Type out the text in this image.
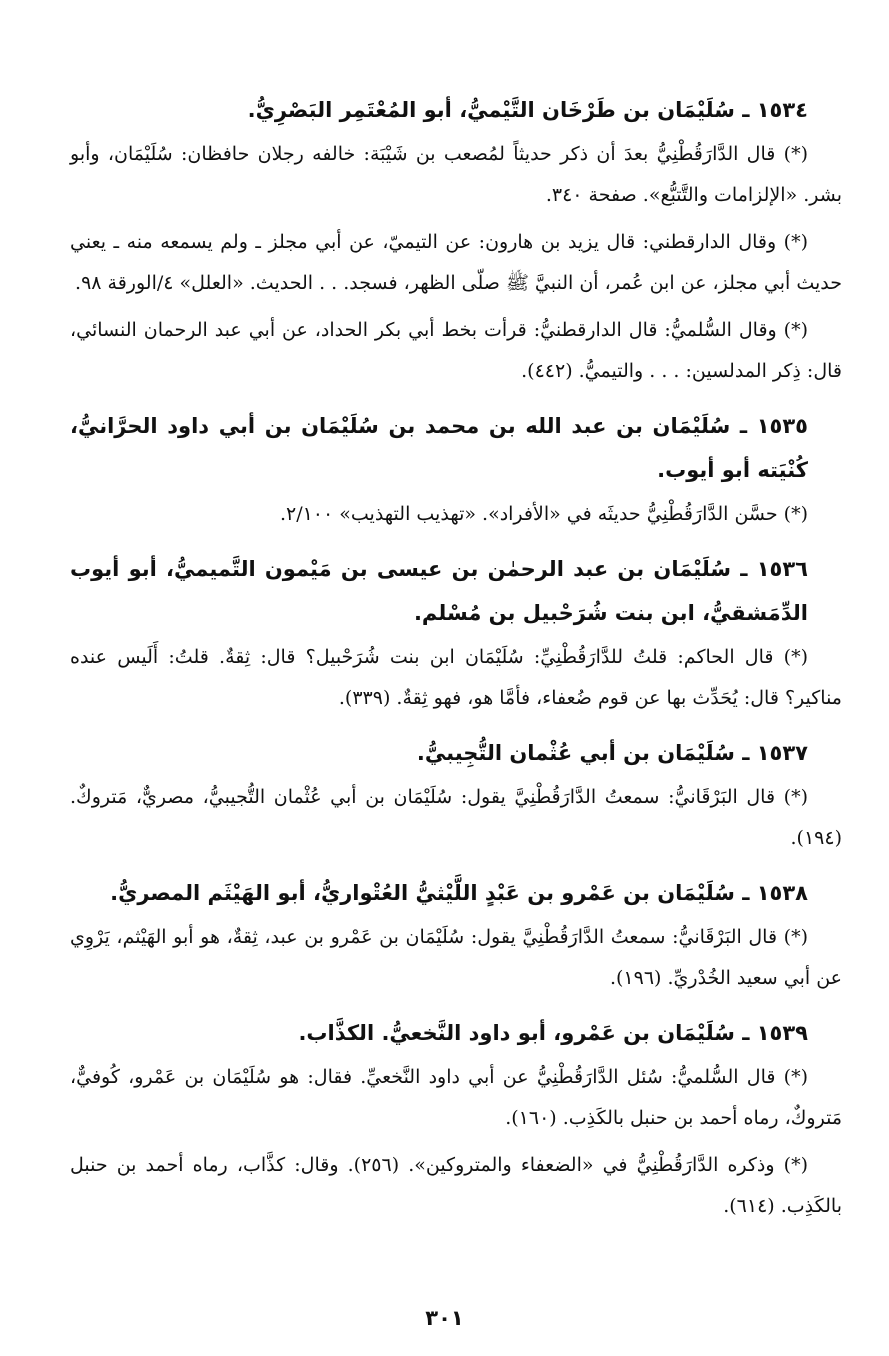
١٥٣٤ ـ سُلَيْمَان بن طَرْخَان التَّيْميُّ، أبو المُعْتَمِر البَصْرِيُّ.

(*) قال الدَّارَقُطْنِيُّ بعدَ أن ذكر حديثاً لمُصعب بن شَيْبَة: خالفه رجلان حافظان: سُلَيْمَان، وأبو بشر. «الإلزامات والتَّتبُّع». صفحة ٣٤٠.

(*) وقال الدارقطني: قال يزيد بن هارون: عن التيميّ، عن أبي مجلز ـ ولم يسمعه منه ـ يعني حديث أبي مجلز، عن ابن عُمر، أن النبيَّ ﷺ صلّى الظهر، فسجد. . . الحديث. «العلل» ٤/الورقة ٩٨.

(*) وقال السُّلميُّ: قال الدارقطنيُّ: قرأت بخط أبي بكر الحداد، عن أبي عبد الرحمان النسائي، قال: ذِكر المدلسين: . . . والتيميُّ. (٤٤٢).

١٥٣٥ ـ سُلَيْمَان بن عبد الله بن محمد بن سُلَيْمَان بن أبي داود الحرَّانيُّ، كُنْيَته أبو أيوب.

(*) حسَّن الدَّارَقُطْنِيُّ حديثَه في «الأفراد». «تهذيب التهذيب» ٢/١٠٠.

١٥٣٦ ـ سُلَيْمَان بن عبد الرحمٰن بن عيسى بن مَيْمون التَّميميُّ، أبو أيوب الدِّمَشقيُّ، ابن بنت شُرَحْبيل بن مُسْلم.

(*) قال الحاكم: قلتُ للدَّارَقُطْنِيِّ: سُلَيْمَان ابن بنت شُرَحْبيل؟ قال: ثِقةٌ. قلتُ: أَلَيس عنده مناكير؟ قال: يُحَدِّث بها عن قوم ضُعفاء، فأمَّا هو، فهو ثِقةٌ. (٣٣٩).

١٥٣٧ ـ سُلَيْمَان بن أبي عُثْمان التُّجِيبيُّ.

(*) قال البَرْقَانيُّ: سمعتُ الدَّارَقُطْنِيَّ يقول: سُلَيْمَان بن أبي عُثْمان التُّجيبيُّ، مصريٌّ، مَتروكٌ. (١٩٤).

١٥٣٨ ـ سُلَيْمَان بن عَمْرو بن عَبْدٍ اللَّيْثيُّ العُتْواريُّ، أبو الهَيْثَم المصريُّ.

(*) قال البَرْقَانيُّ: سمعتُ الدَّارَقُطْنِيَّ يقول: سُلَيْمَان بن عَمْرو بن عبد، ثِقةٌ، هو أبو الهَيْثم، يَرْوِي عن أبي سعيد الخُدْريِّ. (١٩٦).

١٥٣٩ ـ سُلَيْمَان بن عَمْرو، أبو داود النَّخعيُّ. الكذَّاب.

(*) قال السُّلميُّ: سُئل الدَّارَقُطْنِيُّ عن أبي داود النَّخعيِّ. فقال: هو سُلَيْمَان بن عَمْرو، كُوفيٌّ، مَتروكٌ، رماه أحمد بن حنبل بالكَذِب. (١٦٠).

(*) وذكره الدَّارَقُطْنِيُّ في «الضعفاء والمتروكين». (٢٥٦). وقال: كذَّاب، رماه أحمد بن حنبل بالكَذِب. (٦١٤).

٣٠١
